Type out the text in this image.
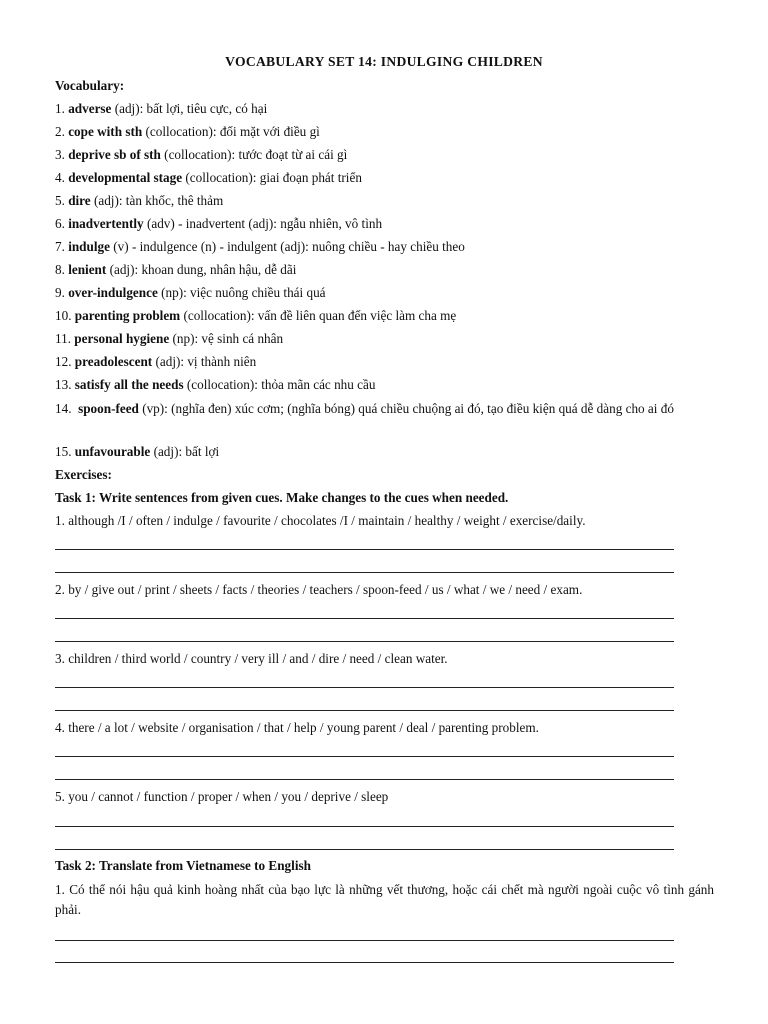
VOCABULARY SET 14: INDULGING CHILDREN
Vocabulary:
1. adverse (adj): bất lợi, tiêu cực, có hại
2. cope with sth (collocation): đối mặt với điều gì
3. deprive sb of sth (collocation): tước đoạt từ ai cái gì
4. developmental stage (collocation): giai đoạn phát triển
5. dire (adj): tàn khốc, thê thảm
6. inadvertently (adv) - inadvertent (adj): ngẫu nhiên, vô tình
7. indulge (v) - indulgence (n) - indulgent (adj): nuông chiều - hay chiều theo
8. lenient (adj): khoan dung, nhân hậu, dễ dãi
9. over-indulgence (np): việc nuông chiều thái quá
10. parenting problem (collocation): vấn đề liên quan đến việc làm cha mẹ
11. personal hygiene (np): vệ sinh cá nhân
12. preadolescent (adj): vị thành niên
13. satisfy all the needs (collocation): thỏa mãn các nhu cầu
14. spoon-feed (vp): (nghĩa đen) xúc cơm; (nghĩa bóng) quá chiều chuộng ai đó, tạo điều kiện quá dễ dàng cho ai đó
15. unfavourable (adj): bất lợi
Exercises:
Task 1: Write sentences from given cues. Make changes to the cues when needed.
1. although /I / often / indulge / favourite / chocolates /I / maintain / healthy / weight / exercise/daily.
2. by / give out / print / sheets / facts / theories / teachers / spoon-feed / us / what / we / need / exam.
3. children / third world / country / very ill / and / dire / need / clean water.
4. there / a lot / website / organisation / that / help / young parent / deal / parenting problem.
5. you / cannot / function / proper / when / you / deprive / sleep
Task 2: Translate from Vietnamese to English
1. Có thể nói hậu quả kinh hoàng nhất của bạo lực là những vết thương, hoặc cái chết mà người ngoài cuộc vô tình gánh phải.
